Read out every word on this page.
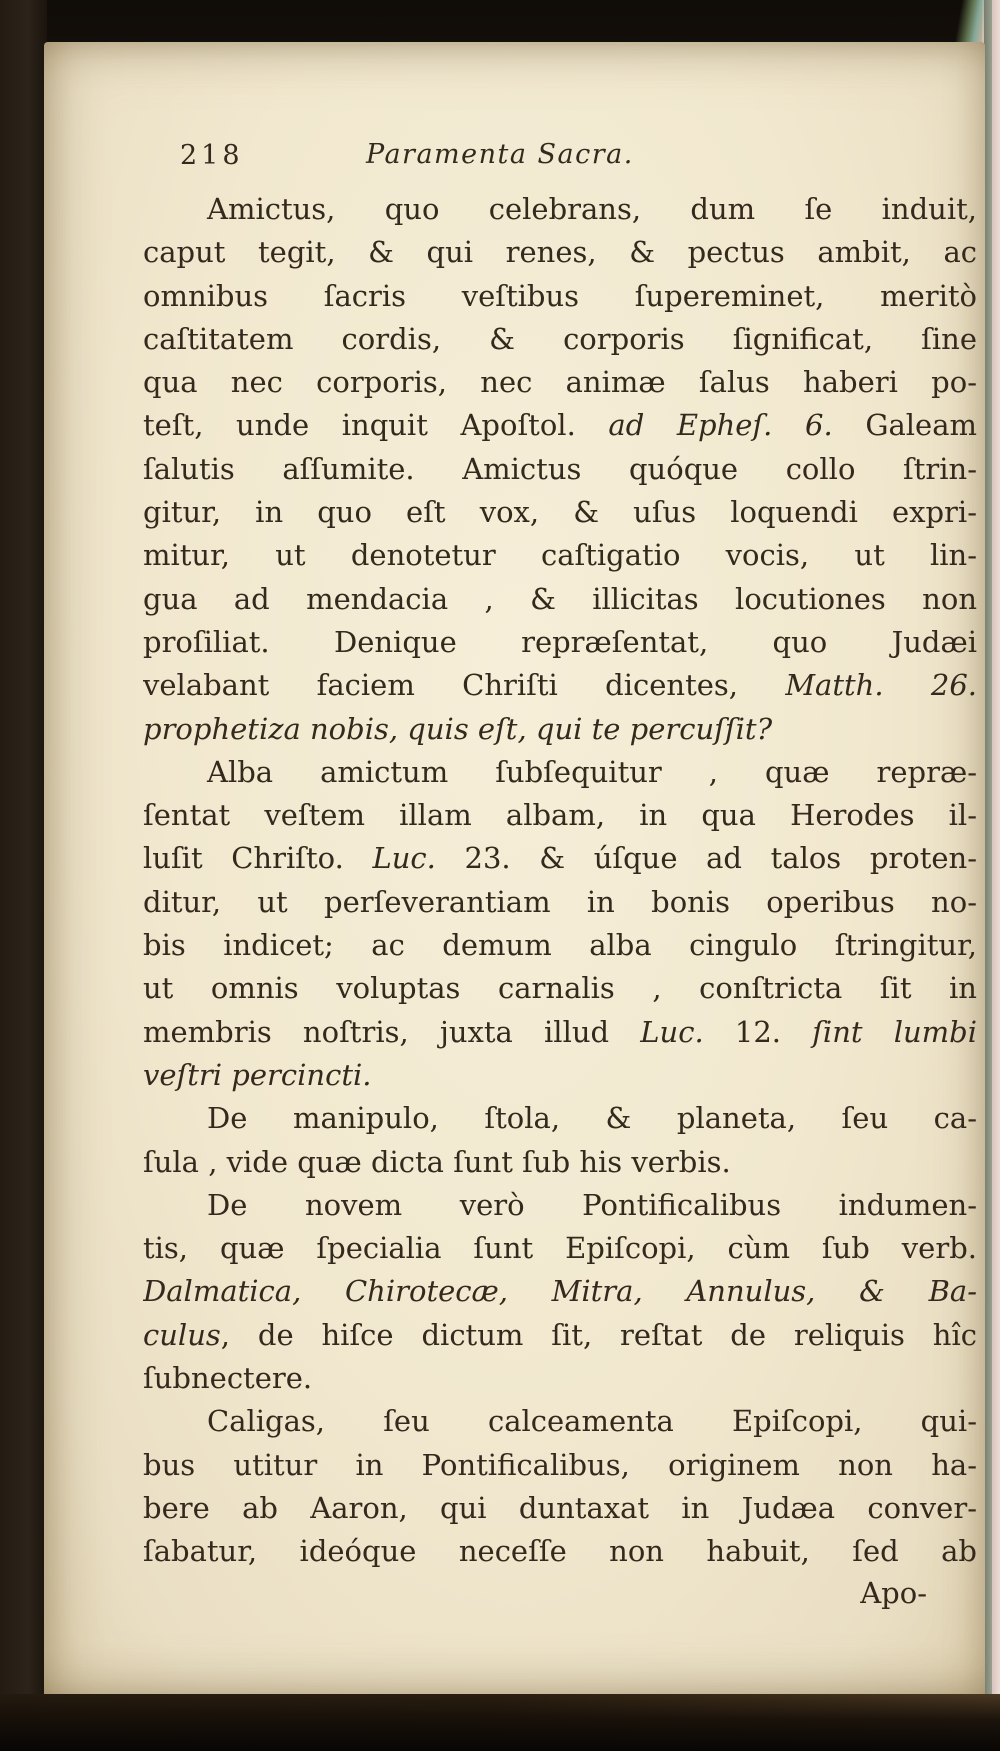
218	Paramenta Sacra.
Amictus, quo celebrans, dum ſe induit,
caput tegit, & qui renes, & pectus ambit, ac
omnibus ſacris veſtibus ſupereminet, meritò
caſtitatem cordis, & corporis ſignificat, ſine
qua nec corporis, nec animæ ſalus haberi po-
teſt, unde inquit Apoſtol. ad Epheſ. 6. Galeam
ſalutis aſſumite. Amictus quóque collo ſtrin-
gitur, in quo eſt vox, & uſus loquendi expri-
mitur, ut denotetur caſtigatio vocis, ut lin-
gua ad mendacia , & illicitas locutiones non
proſiliat. Denique repræſentat, quo Judæi
velabant faciem Chriſti dicentes, Matth. 26.
prophetiza nobis, quis eſt, qui te percuſſit?
Alba amictum ſubſequitur , quæ repræ-
ſentat veſtem illam albam, in qua Herodes il-
luſit Chriſto. Luc. 23. & úſque ad talos proten-
ditur, ut perſeverantiam in bonis operibus no-
bis indicet; ac demum alba cingulo ſtringitur,
ut omnis voluptas carnalis , conſtricta ſit in
membris noſtris, juxta illud Luc. 12. ſint lumbi
veſtri percincti.
De manipulo, ſtola, & planeta, ſeu ca-
ſula , vide quæ dicta ſunt ſub his verbis.
De novem verò Pontificalibus indumen-
tis, quæ ſpecialia ſunt Epiſcopi, cùm ſub verb.
Dalmatica, Chirotecæ, Mitra, Annulus, & Ba-
culus, de hiſce dictum ſit, reſtat de reliquis hîc
ſubnectere.
Caligas, ſeu calceamenta Epiſcopi, qui-
bus utitur in Pontificalibus, originem non ha-
bere ab Aaron, qui duntaxat in Judæa conver-
ſabatur, ideóque neceſſe non habuit, ſed ab
Apo-
